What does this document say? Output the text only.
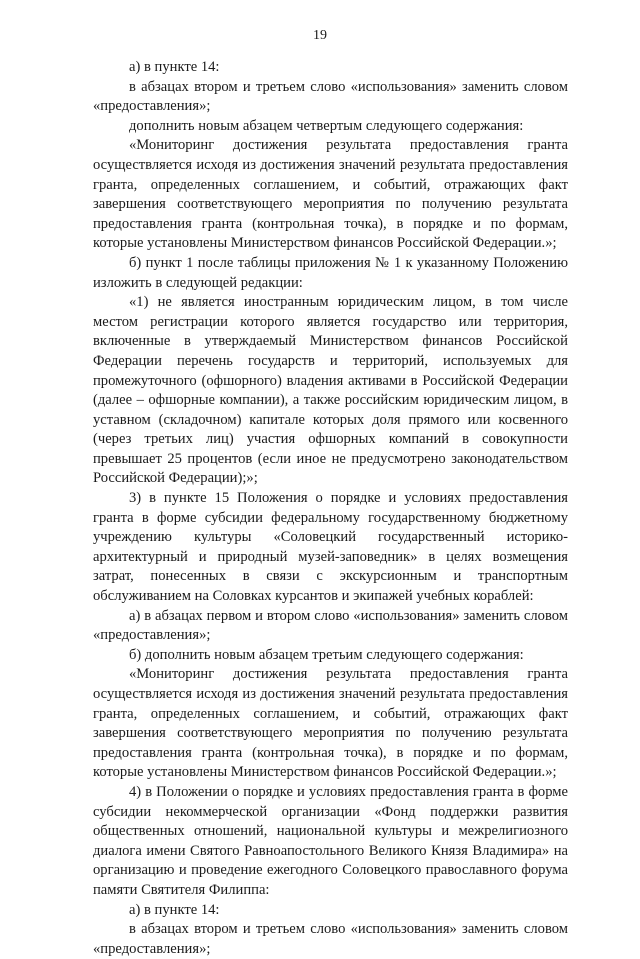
19

а) в пункте 14:

в абзацах втором и третьем слово «использования» заменить словом «предоставления»;

дополнить новым абзацем четвертым следующего содержания:

«Мониторинг достижения результата предоставления гранта осуществляется исходя из достижения значений результата предоставления гранта, определенных соглашением, и событий, отражающих факт завершения соответствующего мероприятия по получению результата предоставления гранта (контрольная точка), в порядке и по формам, которые установлены Министерством финансов Российской Федерации.»;

б) пункт 1 после таблицы приложения № 1 к указанному Положению изложить в следующей редакции:

«1) не является иностранным юридическим лицом, в том числе местом регистрации которого является государство или территория, включенные в утверждаемый Министерством финансов Российской Федерации перечень государств и территорий, используемых для промежуточного (офшорного) владения активами в Российской Федерации (далее – офшорные компании), а также российским юридическим лицом, в уставном (складочном) капитале которых доля прямого или косвенного (через третьих лиц) участия офшорных компаний в совокупности превышает 25 процентов (если иное не предусмотрено законодательством Российской Федерации);»;

3) в пункте 15 Положения о порядке и условиях предоставления гранта в форме субсидии федеральному государственному бюджетному учреждению культуры «Соловецкий государственный историко-архитектурный и природный музей-заповедник» в целях возмещения затрат, понесенных в связи с экскурсионным и транспортным обслуживанием на Соловках курсантов и экипажей учебных кораблей:

а) в абзацах первом и втором слово «использования» заменить словом «предоставления»;

б) дополнить новым абзацем третьим следующего содержания:

«Мониторинг достижения результата предоставления гранта осуществляется исходя из достижения значений результата предоставления гранта, определенных соглашением, и событий, отражающих факт завершения соответствующего мероприятия по получению результата предоставления гранта (контрольная точка), в порядке и по формам, которые установлены Министерством финансов Российской Федерации.»;

4) в Положении о порядке и условиях предоставления гранта в форме субсидии некоммерческой организации «Фонд поддержки развития общественных отношений, национальной культуры и межрелигиозного диалога имени Святого Равноапостольного Великого Князя Владимира» на организацию и проведение ежегодного Соловецкого православного форума памяти Святителя Филиппа:

а) в пункте 14:

в абзацах втором и третьем слово «использования» заменить словом «предоставления»;
